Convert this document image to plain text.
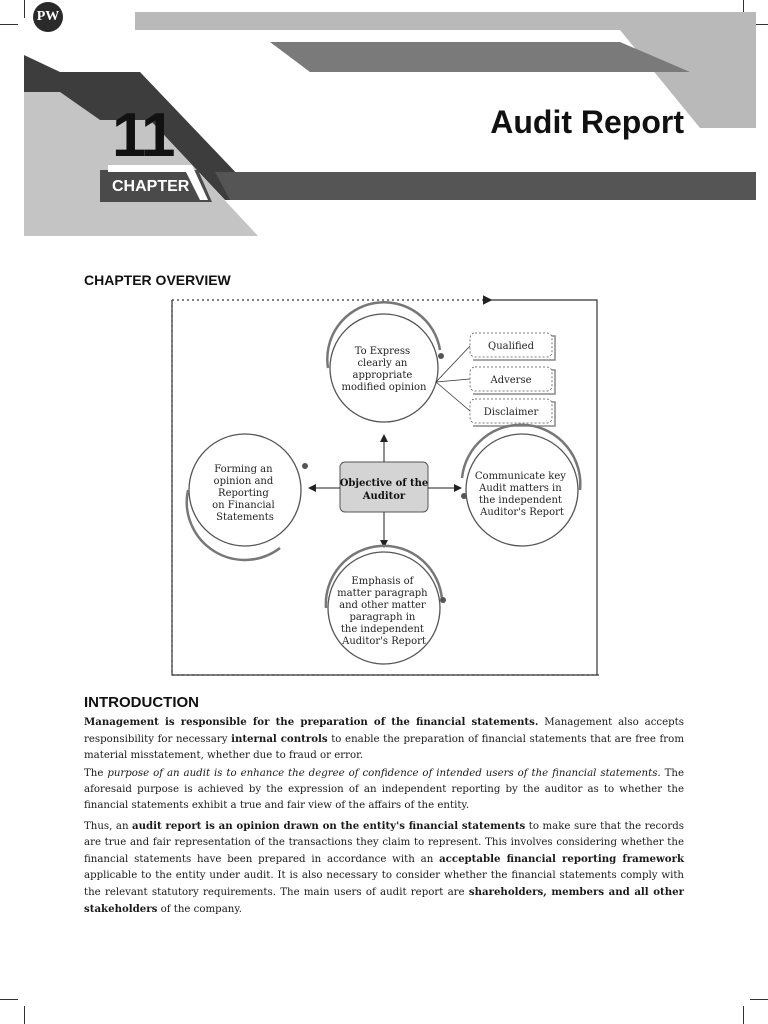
PW
11
CHAPTER
Audit Report
CHAPTER OVERVIEW
Objective of the Auditor
To Express clearly an appropriate modified opinion
Qualified
Adverse
Disclaimer
Forming an opinion and Reporting on Financial Statements
Communicate key Audit matters in the independent Auditor's Report
Emphasis of matter paragraph and other matter paragraph in the independent Auditor's Report
INTRODUCTION

Management is responsible for the preparation of the financial statements. Management also accepts responsibility for necessary internal controls to enable the preparation of financial statements that are free from material misstatement, whether due to fraud or error.

The purpose of an audit is to enhance the degree of confidence of intended users of the financial statements. The aforesaid purpose is achieved by the expression of an independent reporting by the auditor as to whether the financial statements exhibit a true and fair view of the affairs of the entity.

Thus, an audit report is an opinion drawn on the entity's financial statements to make sure that the records are true and fair representation of the transactions they claim to represent. This involves considering whether the financial statements have been prepared in accordance with an acceptable financial reporting framework applicable to the entity under audit. It is also necessary to consider whether the financial statements comply with the relevant statutory requirements. The main users of audit report are shareholders, members and all other stakeholders of the company.
